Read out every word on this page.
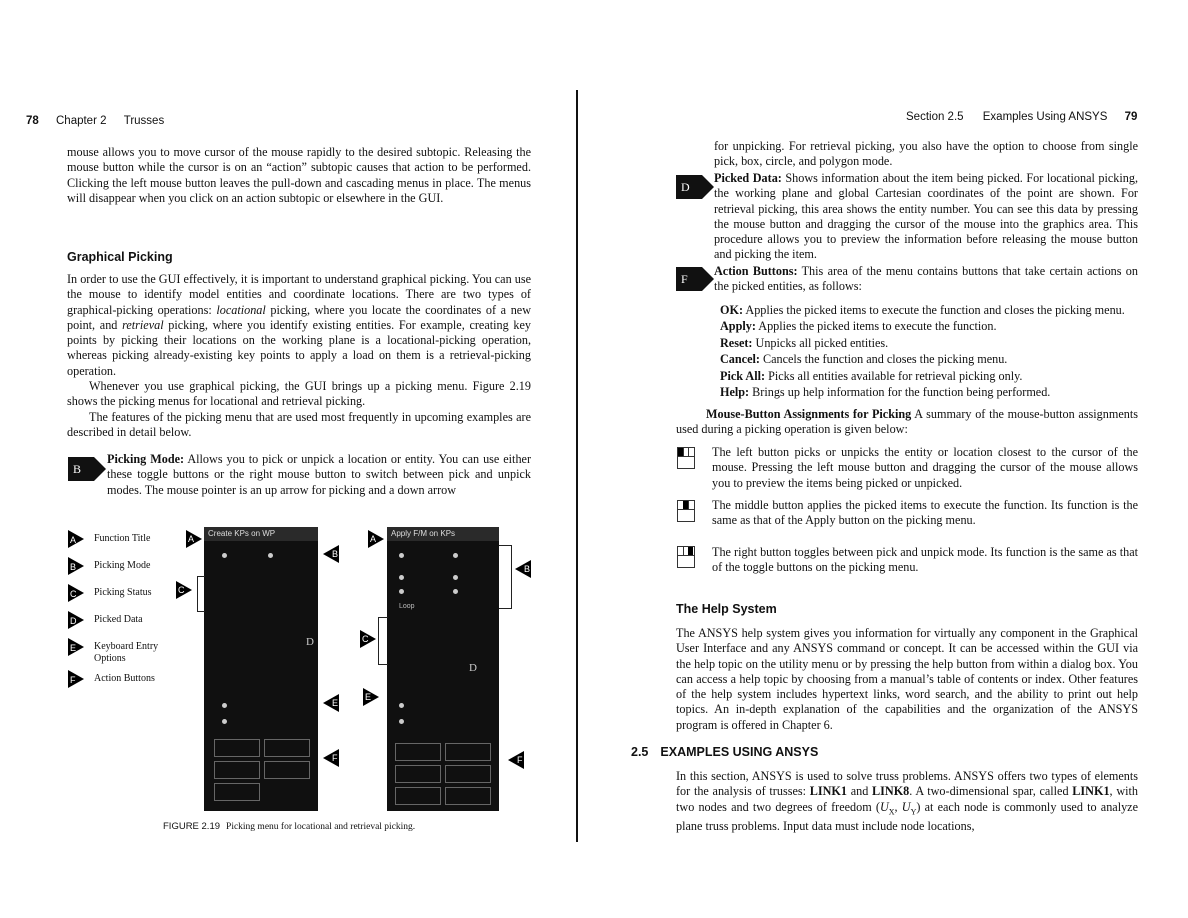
78 Chapter 2 Trusses

mouse allows you to move cursor of the mouse rapidly to the desired subtopic. Releasing the mouse button while the cursor is on an “action” subtopic causes that action to be performed. Clicking the left mouse button leaves the pull-down and cascading menus in place. The menus will disappear when you click on an action subtopic or elsewhere in the GUI.

Graphical Picking

In order to use the GUI effectively, it is important to understand graphical picking. You can use the mouse to identify model entities and coordinate locations. There are two types of graphical-picking operations: locational picking, where you locate the coordinates of a new point, and retrieval picking, where you identify existing entities. For example, creating key points by picking their locations on the working plane is a locational-picking operation, whereas picking already-existing key points to apply a load on them is a retrieval-picking operation.

Whenever you use graphical picking, the GUI brings up a picking menu. Figure 2.19 shows the picking menus for locational and retrieval picking.

The features of the picking menu that are used most frequently in upcoming examples are described in detail below.

B

Picking Mode: Allows you to pick or unpick a location or entity. You can use either these toggle buttons or the right mouse button to switch between pick and unpick modes. The mouse pointer is an up arrow for picking and a down arrow

A Function Title
B Picking Mode
C Picking Status
D Picked Data
E Keyboard Entry Options
F Action Buttons
Create KPs on WP
D
A
C
B
E
F
Apply F/M on KPs
Loop
D
A
C
E
B
F
FIGURE 2.19 Picking menu for locational and retrieval picking.
Section 2.5 Examples Using ANSYS 79

for unpicking. For retrieval picking, you also have the option to choose from single pick, box, circle, and polygon mode.

D

Picked Data: Shows information about the item being picked. For locational picking, the working plane and global Cartesian coordinates of the point are shown. For retrieval picking, this area shows the entity number. You can see this data by pressing the mouse button and dragging the cursor of the mouse into the graphics area. This procedure allows you to preview the information before releasing the mouse button and picking the item.

F

Action Buttons: This area of the menu contains buttons that take certain actions on the picked entities, as follows:

OK: Applies the picked items to execute the function and closes the picking menu.
Apply: Applies the picked items to execute the function.
Reset: Unpicks all picked entities.
Cancel: Cancels the function and closes the picking menu.
Pick All: Picks all entities available for retrieval picking only.
Help: Brings up help information for the function being performed.

Mouse-Button Assignments for Picking A summary of the mouse-button assignments used during a picking operation is given below:

The left button picks or unpicks the entity or location closest to the cursor of the mouse. Pressing the left mouse button and dragging the cursor of the mouse allows you to preview the items being picked or unpicked.

The middle button applies the picked items to execute the function. Its function is the same as that of the Apply button on the picking menu.

The right button toggles between pick and unpick mode. Its function is the same as that of the toggle buttons on the picking menu.

The Help System

The ANSYS help system gives you information for virtually any component in the Graphical User Interface and any ANSYS command or concept. It can be accessed within the GUI via the help topic on the utility menu or by pressing the help button from within a dialog box. You can access a help topic by choosing from a manual’s table of contents or index. Other features of the help system includes hypertext links, word search, and the ability to print out help topics. An in-depth explanation of the capabilities and the organization of the ANSYS program is offered in Chapter 6.

2.5 EXAMPLES USING ANSYS

In this section, ANSYS is used to solve truss problems. ANSYS offers two types of elements for the analysis of trusses: LINK1 and LINK8. A two-dimensional spar, called LINK1, with two nodes and two degrees of freedom ($U_X$, $U_Y$) at each node is commonly used to analyze plane truss problems. Input data must include node locations,
